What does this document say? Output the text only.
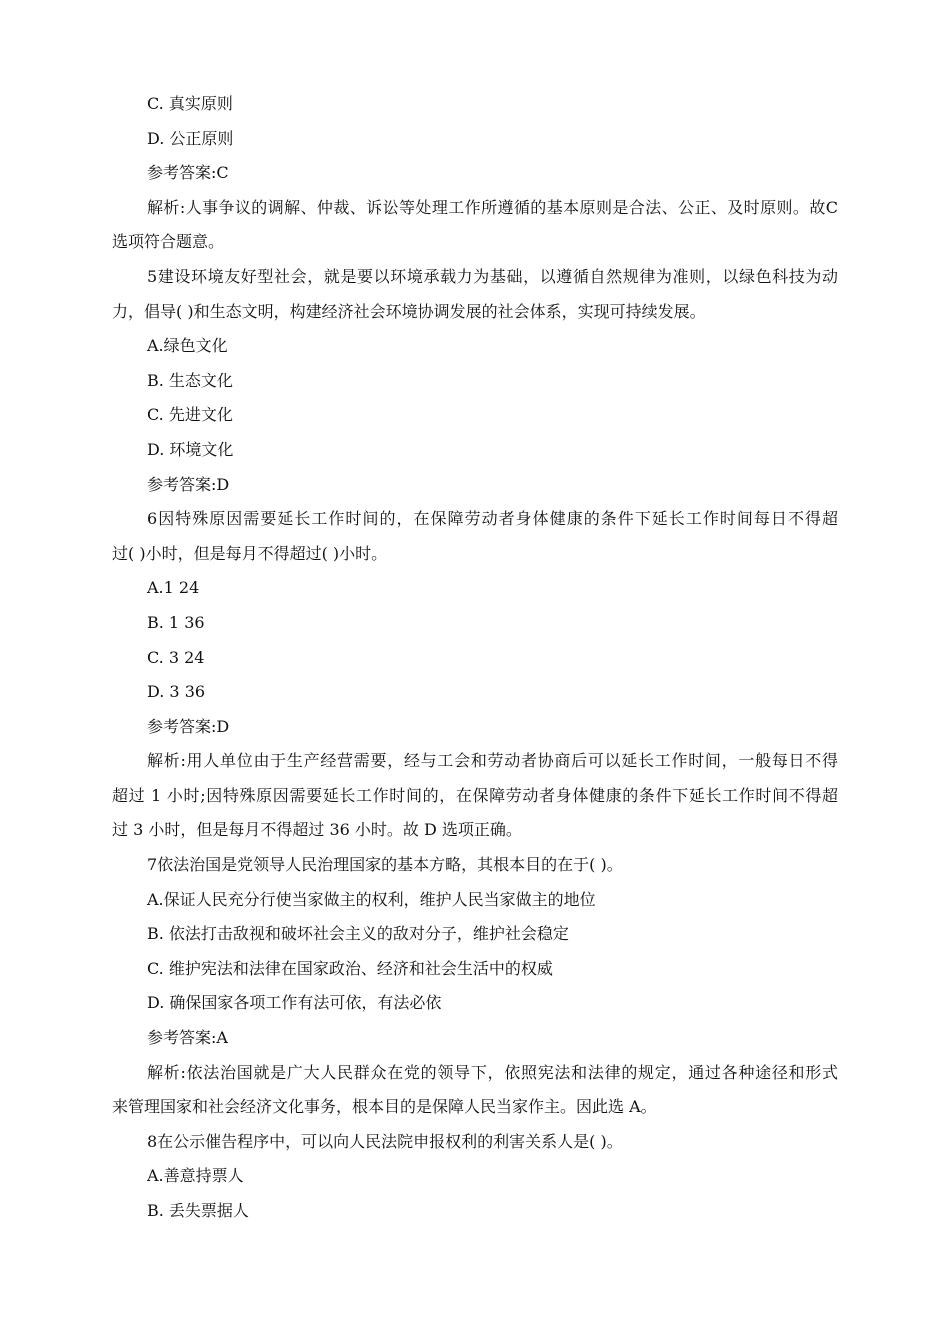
C. 真实原则
D. 公正原则
参考答案:C
解析:人事争议的调解、仲裁、诉讼等处理工作所遵循的基本原则是合法、公正、及时原则。故C
选项符合题意。
5建设环境友好型社会，就是要以环境承载力为基础，以遵循自然规律为准则，以绿色科技为动
力，倡导( )和生态文明，构建经济社会环境协调发展的社会体系，实现可持续发展。
A.绿色文化
B. 生态文化
C. 先进文化
D. 环境文化
参考答案:D
6因特殊原因需要延长工作时间的，在保障劳动者身体健康的条件下延长工作时间每日不得超
过( )小时，但是每月不得超过( )小时。
A.1 24
B. 1 36
C. 3 24
D. 3 36
参考答案:D
解析:用人单位由于生产经营需要，经与工会和劳动者协商后可以延长工作时间，一般每日不得
超过 1 小时;因特殊原因需要延长工作时间的，在保障劳动者身体健康的条件下延长工作时间不得超
过 3 小时，但是每月不得超过 36 小时。故 D 选项正确。
7依法治国是党领导人民治理国家的基本方略，其根本目的在于( )。
A.保证人民充分行使当家做主的权利，维护人民当家做主的地位
B. 依法打击敌视和破坏社会主义的敌对分子，维护社会稳定
C. 维护宪法和法律在国家政治、经济和社会生活中的权威
D. 确保国家各项工作有法可依，有法必依
参考答案:A
解析:依法治国就是广大人民群众在党的领导下，依照宪法和法律的规定，通过各种途径和形式
来管理国家和社会经济文化事务，根本目的是保障人民当家作主。因此选 A。
8在公示催告程序中，可以向人民法院申报权利的利害关系人是( )。
A.善意持票人
B. 丢失票据人
